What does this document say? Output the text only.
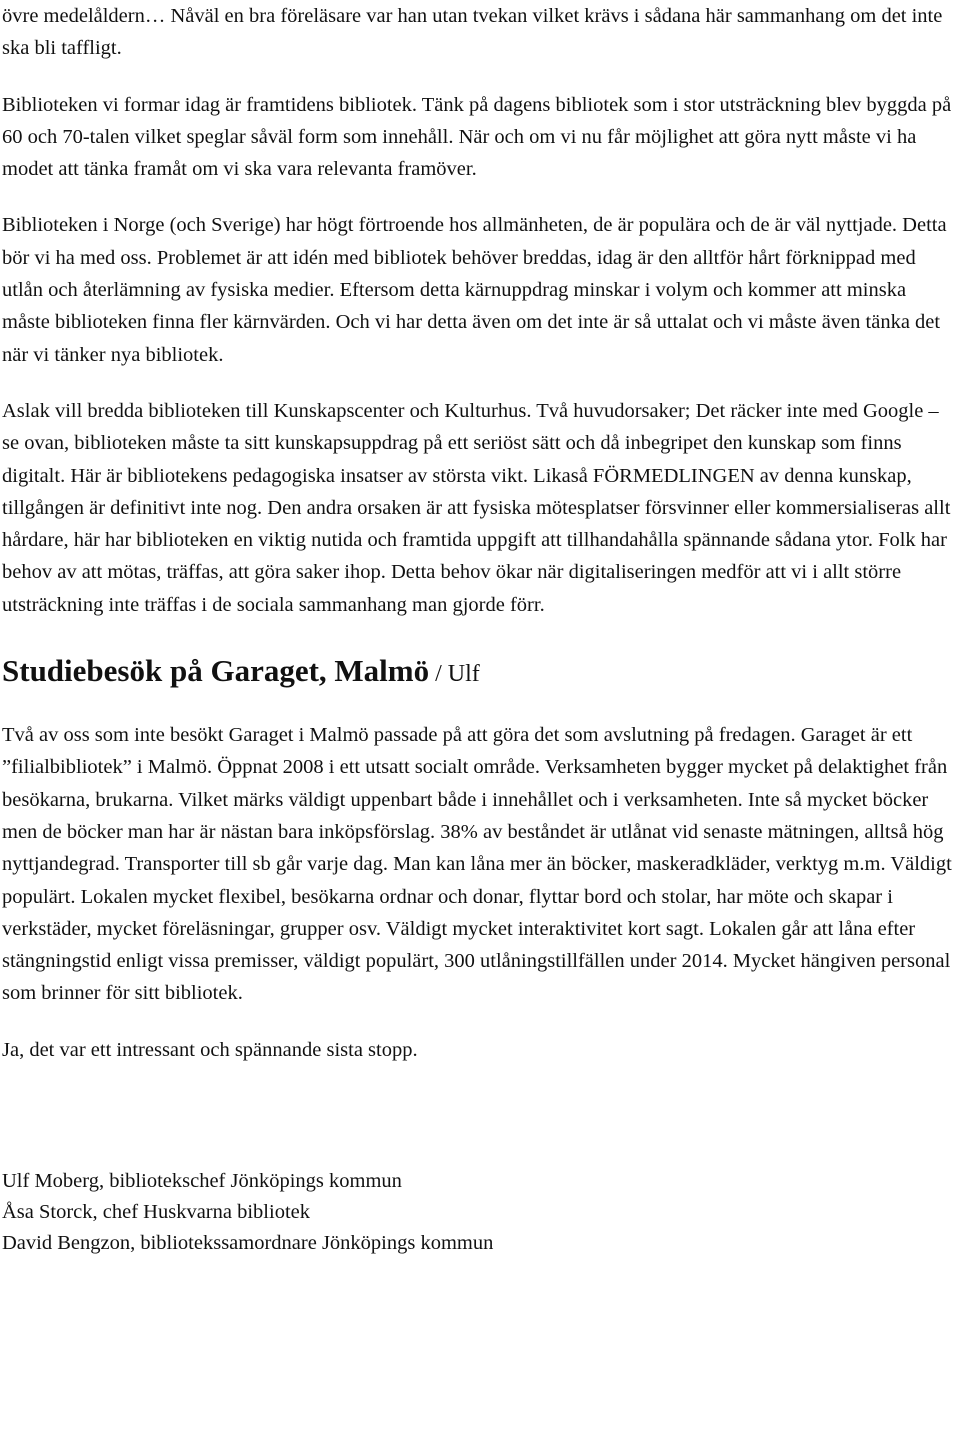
övre medelåldern… Nåväl en bra föreläsare var han utan tvekan vilket krävs i sådana här sammanhang om det inte ska bli taffligt.

Biblioteken vi formar idag är framtidens bibliotek. Tänk på dagens bibliotek som i stor utsträckning blev byggda på 60 och 70-talen vilket speglar såväl form som innehåll. När och om vi nu får möjlighet att göra nytt måste vi ha modet att tänka framåt om vi ska vara relevanta framöver.

Biblioteken i Norge (och Sverige) har högt förtroende hos allmänheten, de är populära och de är väl nyttjade. Detta bör vi ha med oss. Problemet är att idén med bibliotek behöver breddas, idag är den alltför hårt förknippad med utlån och återlämning av fysiska medier. Eftersom detta kärnuppdrag minskar i volym och kommer att minska måste biblioteken finna fler kärnvärden. Och vi har detta även om det inte är så uttalat och vi måste även tänka det när vi tänker nya bibliotek.

Aslak vill bredda biblioteken till Kunskapscenter och Kulturhus. Två huvudorsaker; Det räcker inte med Google – se ovan, biblioteken måste ta sitt kunskapsuppdrag på ett seriöst sätt och då inbegripet den kunskap som finns digitalt. Här är bibliotekens pedagogiska insatser av största vikt. Likaså FÖRMEDLINGEN av denna kunskap, tillgången är definitivt inte nog. Den andra orsaken är att fysiska mötesplatser försvinner eller kommersialiseras allt hårdare, här har biblioteken en viktig nutida och framtida uppgift att tillhandahålla spännande sådana ytor. Folk har behov av att mötas, träffas, att göra saker ihop. Detta behov ökar när digitaliseringen medför att vi i allt större utsträckning inte träffas i de sociala sammanhang man gjorde förr.

Studiebesök på Garaget, Malmö / Ulf

Två av oss som inte besökt Garaget i Malmö passade på att göra det som avslutning på fredagen. Garaget är ett ”filialbibliotek” i Malmö. Öppnat 2008 i ett utsatt socialt område. Verksamheten bygger mycket på delaktighet från besökarna, brukarna. Vilket märks väldigt uppenbart både i innehållet och i verksamheten. Inte så mycket böcker men de böcker man har är nästan bara inköpsförslag. 38% av beståndet är utlånat vid senaste mätningen, alltså hög nyttjandegrad. Transporter till sb går varje dag. Man kan låna mer än böcker, maskeradkläder, verktyg m.m. Väldigt populärt. Lokalen mycket flexibel, besökarna ordnar och donar, flyttar bord och stolar, har möte och skapar i verkstäder, mycket föreläsningar, grupper osv. Väldigt mycket interaktivitet kort sagt. Lokalen går att låna efter stängningstid enligt vissa premisser, väldigt populärt, 300 utlåningstillfällen under 2014. Mycket hängiven personal som brinner för sitt bibliotek.

Ja, det var ett intressant och spännande sista stopp.

Ulf Moberg, bibliotekschef Jönköpings kommun

Åsa Storck, chef Huskvarna bibliotek

David Bengzon, bibliotekssamordnare Jönköpings kommun
